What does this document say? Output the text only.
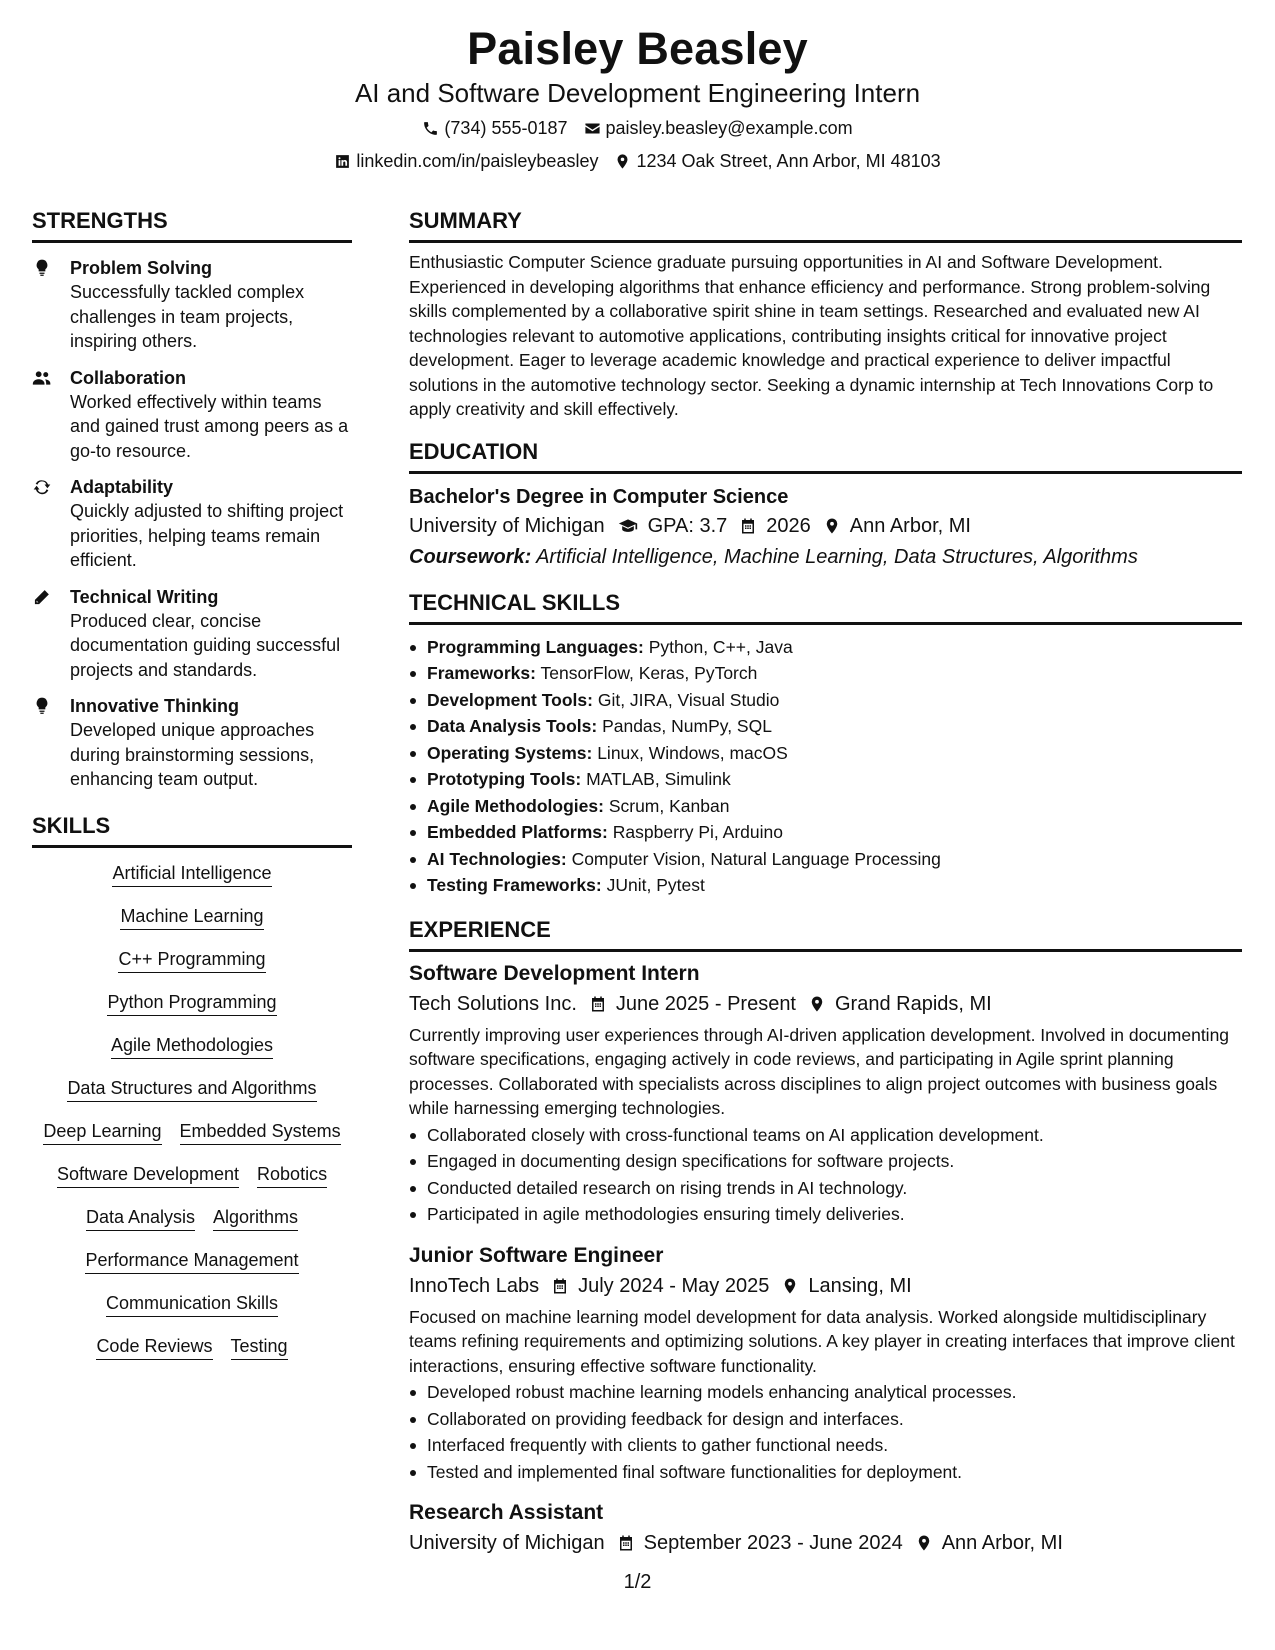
Paisley Beasley
AI and Software Development Engineering Intern
(734) 555-0187 paisley.beasley@example.com
linkedin.com/in/paisleybeasley 1234 Oak Street, Ann Arbor, MI 48103
STRENGTHS
Problem Solving
Successfully tackled complex challenges in team projects, inspiring others.
Collaboration
Worked effectively within teams and gained trust among peers as a go-to resource.
Adaptability
Quickly adjusted to shifting project priorities, helping teams remain efficient.
Technical Writing
Produced clear, concise documentation guiding successful projects and standards.
Innovative Thinking
Developed unique approaches during brainstorming sessions, enhancing team output.
SKILLS
Artificial Intelligence
Machine Learning
C++ Programming
Python Programming
Agile Methodologies
Data Structures and Algorithms
Deep Learning Embedded Systems
Software Development Robotics
Data Analysis Algorithms
Performance Management
Communication Skills
Code Reviews Testing
SUMMARY
Enthusiastic Computer Science graduate pursuing opportunities in AI and Software Development. Experienced in developing algorithms that enhance efficiency and performance. Strong problem-solving skills complemented by a collaborative spirit shine in team settings. Researched and evaluated new AI technologies relevant to automotive applications, contributing insights critical for innovative project development. Eager to leverage academic knowledge and practical experience to deliver impactful solutions in the automotive technology sector. Seeking a dynamic internship at Tech Innovations Corp to apply creativity and skill effectively.
EDUCATION
Bachelor's Degree in Computer Science
University of Michigan GPA: 3.7 2026 Ann Arbor, MI
Coursework: Artificial Intelligence, Machine Learning, Data Structures, Algorithms
TECHNICAL SKILLS
Programming Languages: Python, C++, Java
Frameworks: TensorFlow, Keras, PyTorch
Development Tools: Git, JIRA, Visual Studio
Data Analysis Tools: Pandas, NumPy, SQL
Operating Systems: Linux, Windows, macOS
Prototyping Tools: MATLAB, Simulink
Agile Methodologies: Scrum, Kanban
Embedded Platforms: Raspberry Pi, Arduino
AI Technologies: Computer Vision, Natural Language Processing
Testing Frameworks: JUnit, Pytest
EXPERIENCE
Software Development Intern
Tech Solutions Inc. June 2025 - Present Grand Rapids, MI
Currently improving user experiences through AI-driven application development. Involved in documenting software specifications, engaging actively in code reviews, and participating in Agile sprint planning processes. Collaborated with specialists across disciplines to align project outcomes with business goals while harnessing emerging technologies.
Collaborated closely with cross-functional teams on AI application development.
Engaged in documenting design specifications for software projects.
Conducted detailed research on rising trends in AI technology.
Participated in agile methodologies ensuring timely deliveries.
Junior Software Engineer
InnoTech Labs July 2024 - May 2025 Lansing, MI
Focused on machine learning model development for data analysis. Worked alongside multidisciplinary teams refining requirements and optimizing solutions. A key player in creating interfaces that improve client interactions, ensuring effective software functionality.
Developed robust machine learning models enhancing analytical processes.
Collaborated on providing feedback for design and interfaces.
Interfaced frequently with clients to gather functional needs.
Tested and implemented final software functionalities for deployment.
Research Assistant
University of Michigan September 2023 - June 2024 Ann Arbor, MI
1/2
